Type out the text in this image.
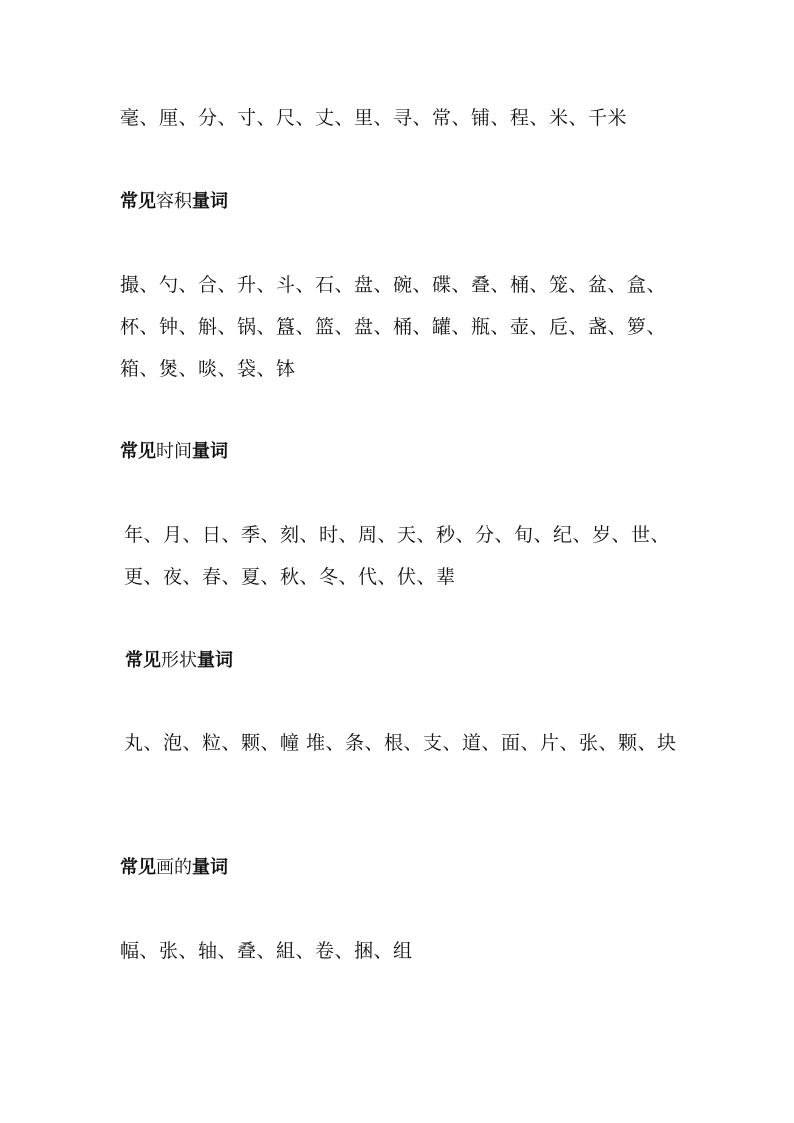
毫、厘、分、寸、尺、丈、里、寻、常、铺、程、米、千米

常见容积量词

撮、勺、合、升、斗、石、盘、碗、碟、叠、桶、笼、盆、盒、杯、钟、斛、锅、簋、篮、盘、桶、罐、瓶、壶、卮、盏、箩、箱、煲、啖、袋、钵

常见时间量词

年、月、日、季、刻、时、周、天、秒、分、旬、纪、岁、世、更、夜、春、夏、秋、冬、代、伏、辈

常见形状量词

丸、泡、粒、颗、幢 堆、条、根、支、道、面、片、张、颗、块

常见画的量词

幅、张、轴、叠、組、卷、捆、组
